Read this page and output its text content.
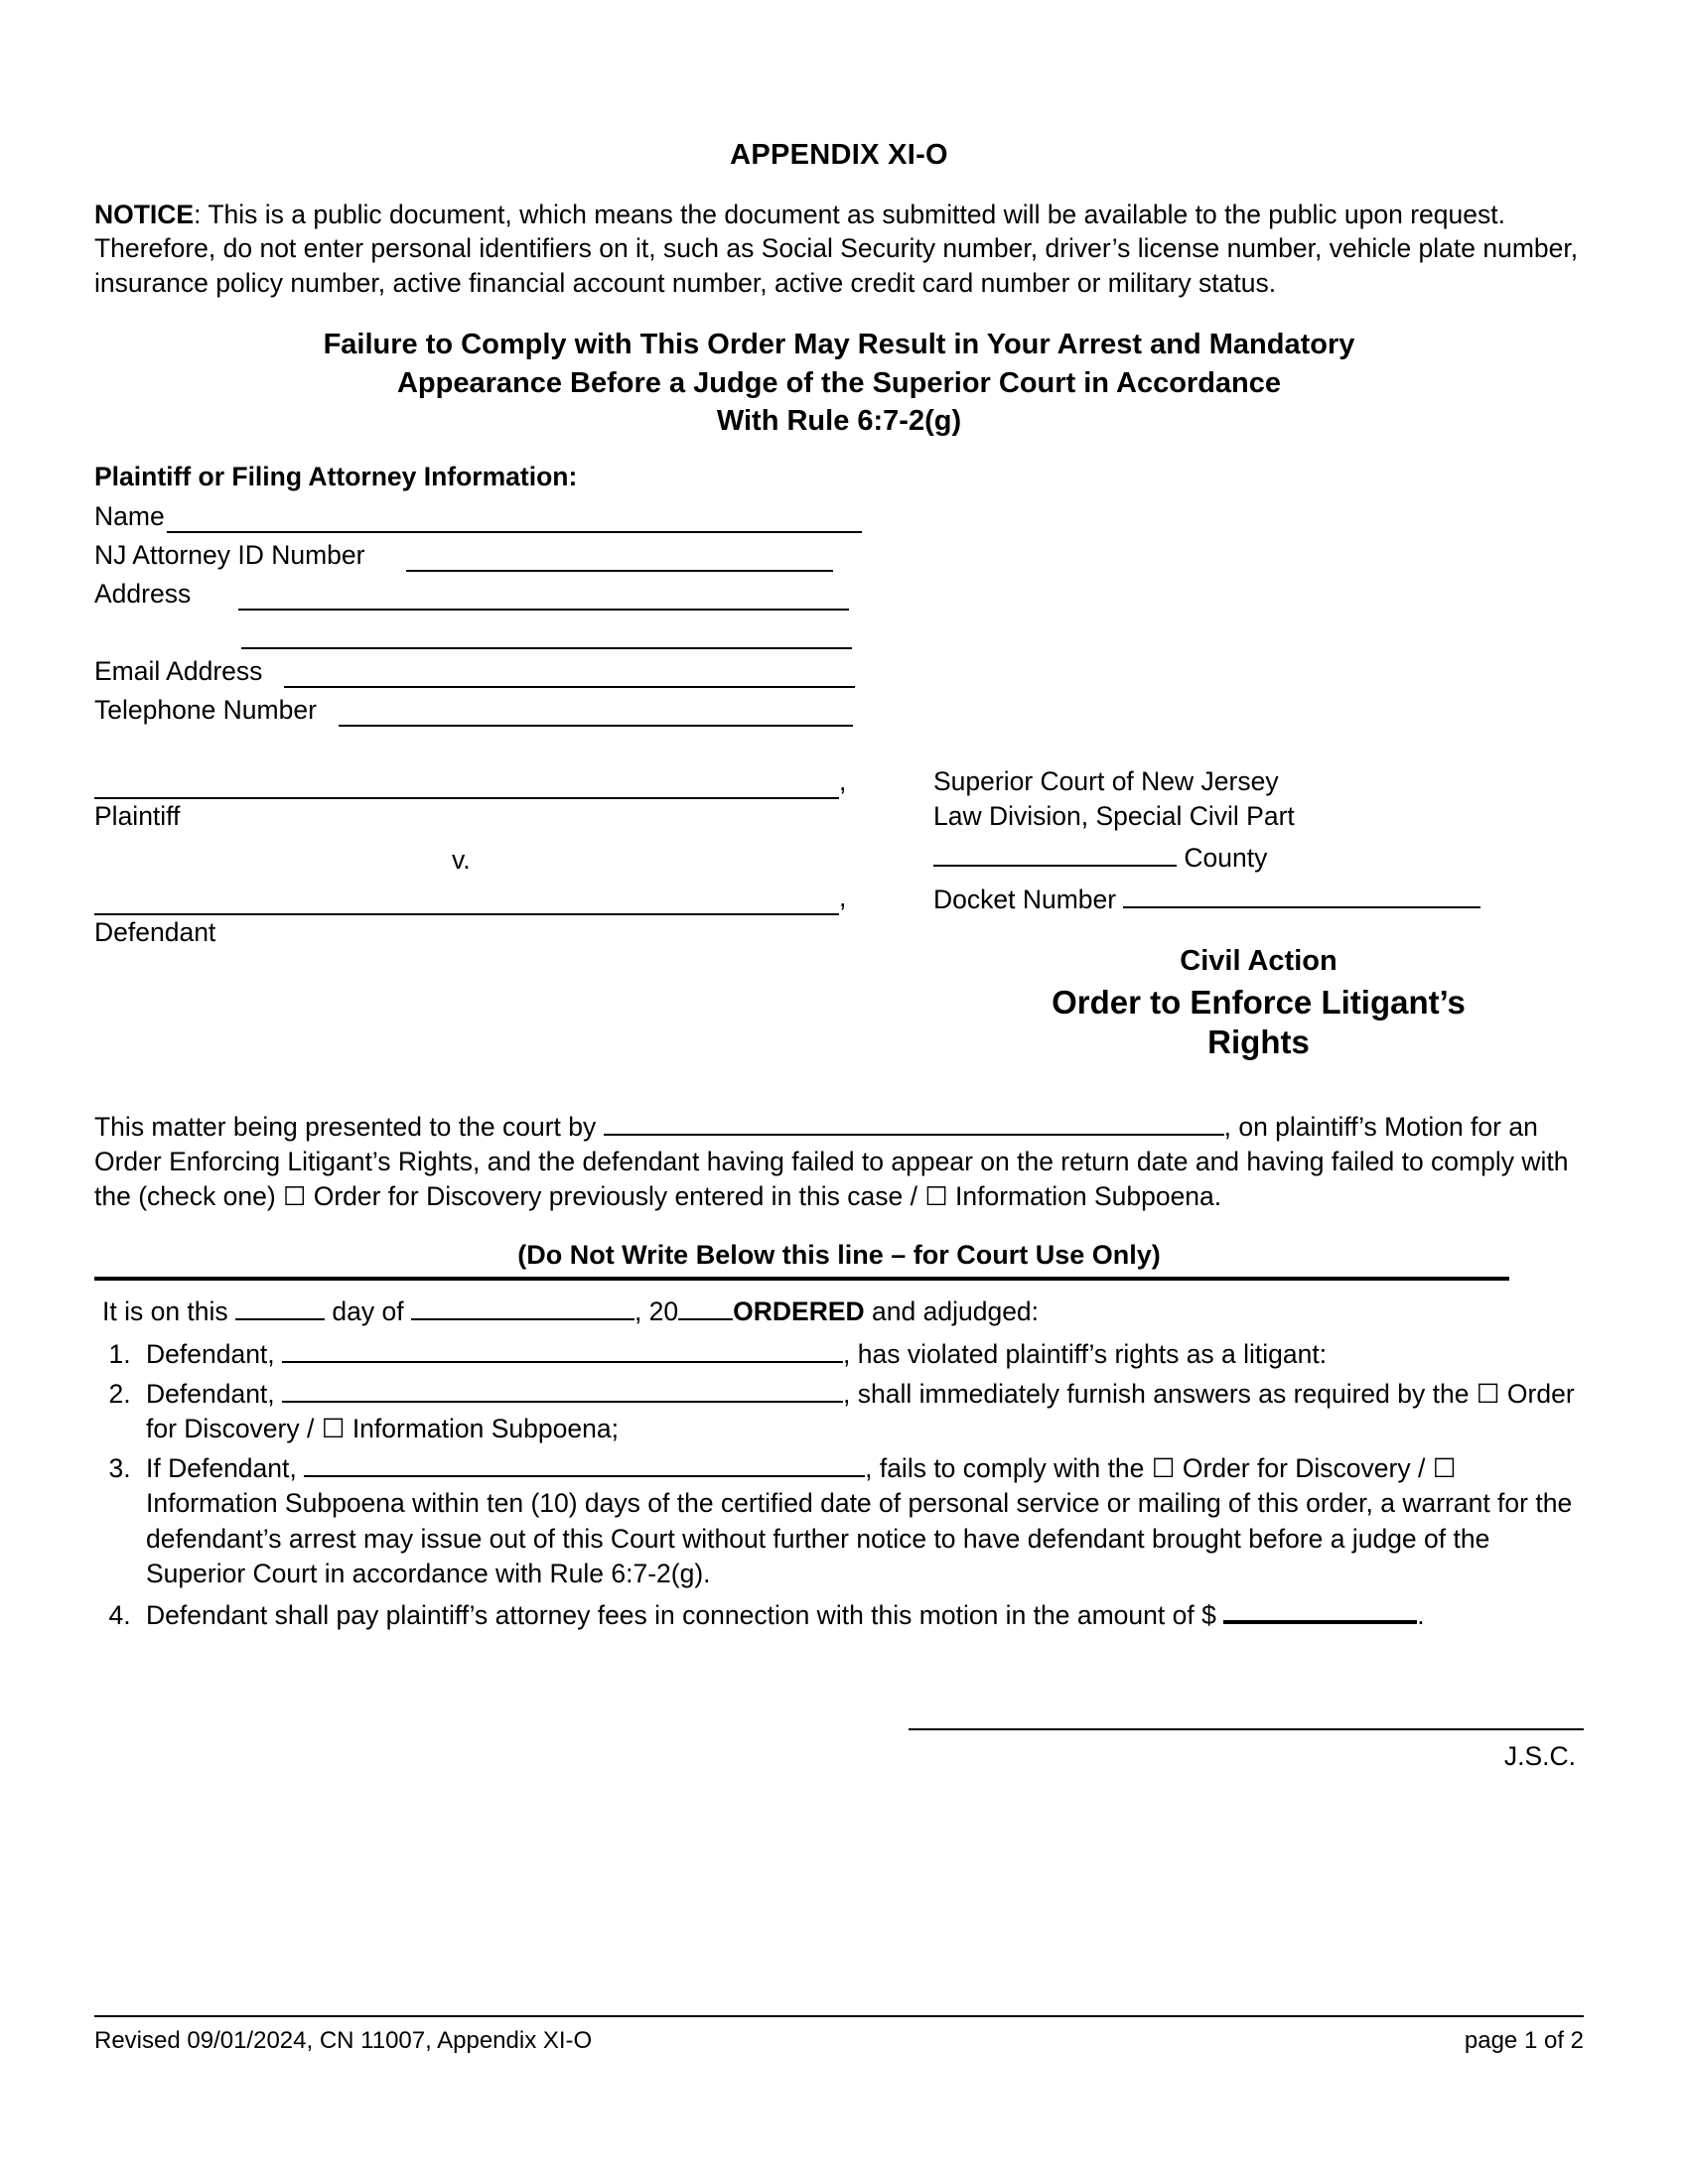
APPENDIX XI-O
NOTICE: This is a public document, which means the document as submitted will be available to the public upon request. Therefore, do not enter personal identifiers on it, such as Social Security number, driver’s license number, vehicle plate number, insurance policy number, active financial account number, active credit card number or military status.
Failure to Comply with This Order May Result in Your Arrest and Mandatory
Appearance Before a Judge of the Superior Court in Accordance
With Rule 6:7-2(g)
Plaintiff or Filing Attorney Information:
Name
NJ Attorney ID Number
Address
Email Address
Telephone Number
,
Plaintiff
v.
,
Defendant
Superior Court of New Jersey
Law Division, Special Civil Part
County
Docket Number
Civil Action
Order to Enforce Litigant’s
Rights
This matter being presented to the court by	, on plaintiff’s Motion for an Order Enforcing Litigant’s Rights, and the defendant having failed to appear on the return date and having failed to comply with the (check one) ☐ Order for Discovery previously entered in this case / ☐ Information Subpoena.
(Do Not Write Below this line – for Court Use Only)
It is on this	day of	, 20 ORDERED and adjudged:
1. Defendant,	, has violated plaintiff’s rights as a litigant:
2. Defendant,	, shall immediately furnish answers as required by the ☐ Order for Discovery / ☐ Information Subpoena;
3. If Defendant,	, fails to comply with the ☐ Order for Discovery / ☐ Information Subpoena within ten (10) days of the certified date of personal service or mailing of this order, a warrant for the defendant’s arrest may issue out of this Court without further notice to have defendant brought before a judge of the Superior Court in accordance with Rule 6:7-2(g).
4. Defendant shall pay plaintiff’s attorney fees in connection with this motion in the amount of $	.
J.S.C.
Revised 09/01/2024, CN 11007, Appendix XI-O	page 1 of 2
